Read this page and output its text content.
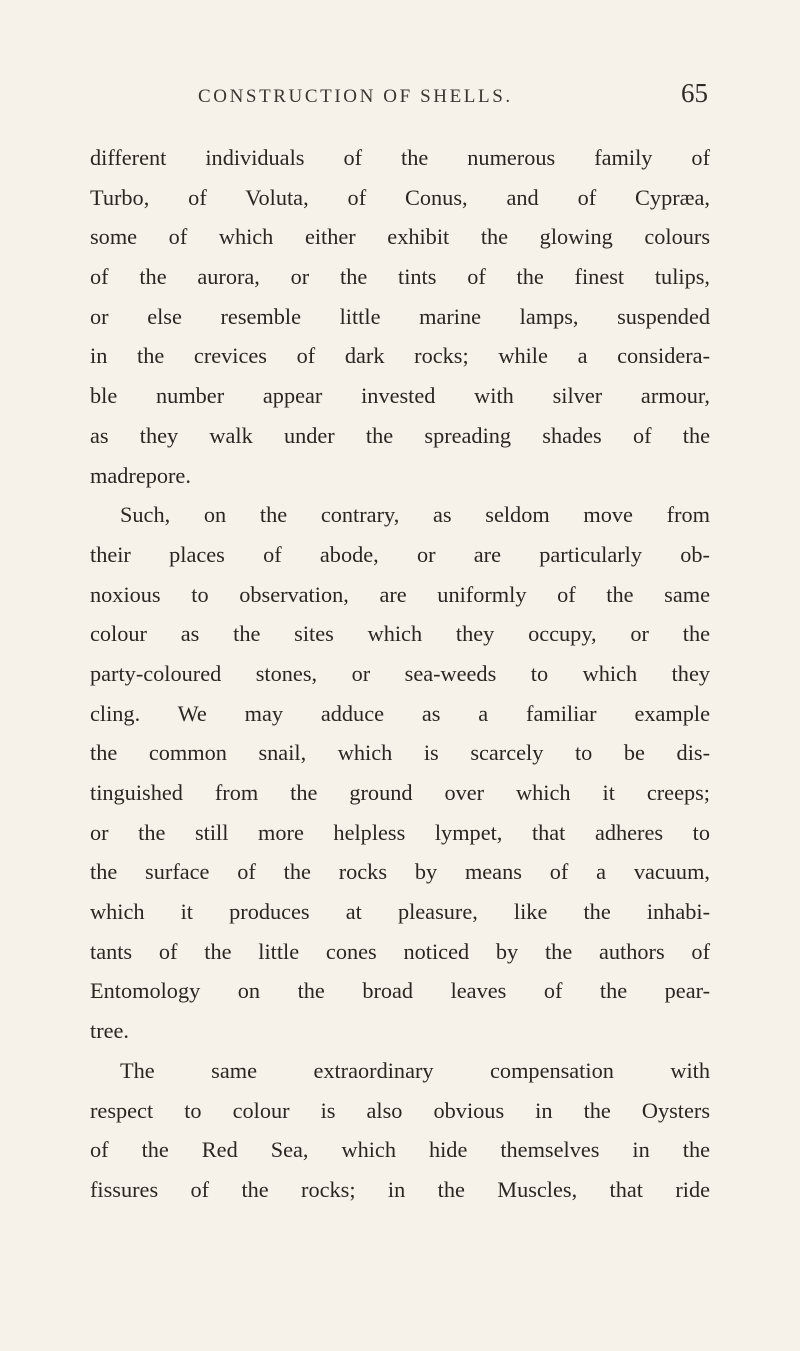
CONSTRUCTION OF SHELLS.	65
different individuals of the numerous family of
Turbo, of Voluta, of Conus, and of Cypræa,
some of which either exhibit the glowing colours
of the aurora, or the tints of the finest tulips,
or else resemble little marine lamps, suspended
in the crevices of dark rocks; while a considera-
ble number appear invested with silver armour,
as they walk under the spreading shades of the
madrepore.
Such, on the contrary, as seldom move from
their places of abode, or are particularly ob-
noxious to observation, are uniformly of the same
colour as the sites which they occupy, or the
party-coloured stones, or sea-weeds to which they
cling. We may adduce as a familiar example
the common snail, which is scarcely to be dis-
tinguished from the ground over which it creeps;
or the still more helpless lympet, that adheres to
the surface of the rocks by means of a vacuum,
which it produces at pleasure, like the inhabi-
tants of the little cones noticed by the authors of
Entomology on the broad leaves of the pear-
tree.
The same extraordinary compensation with
respect to colour is also obvious in the Oysters
of the Red Sea, which hide themselves in the
fissures of the rocks; in the Muscles, that ride
